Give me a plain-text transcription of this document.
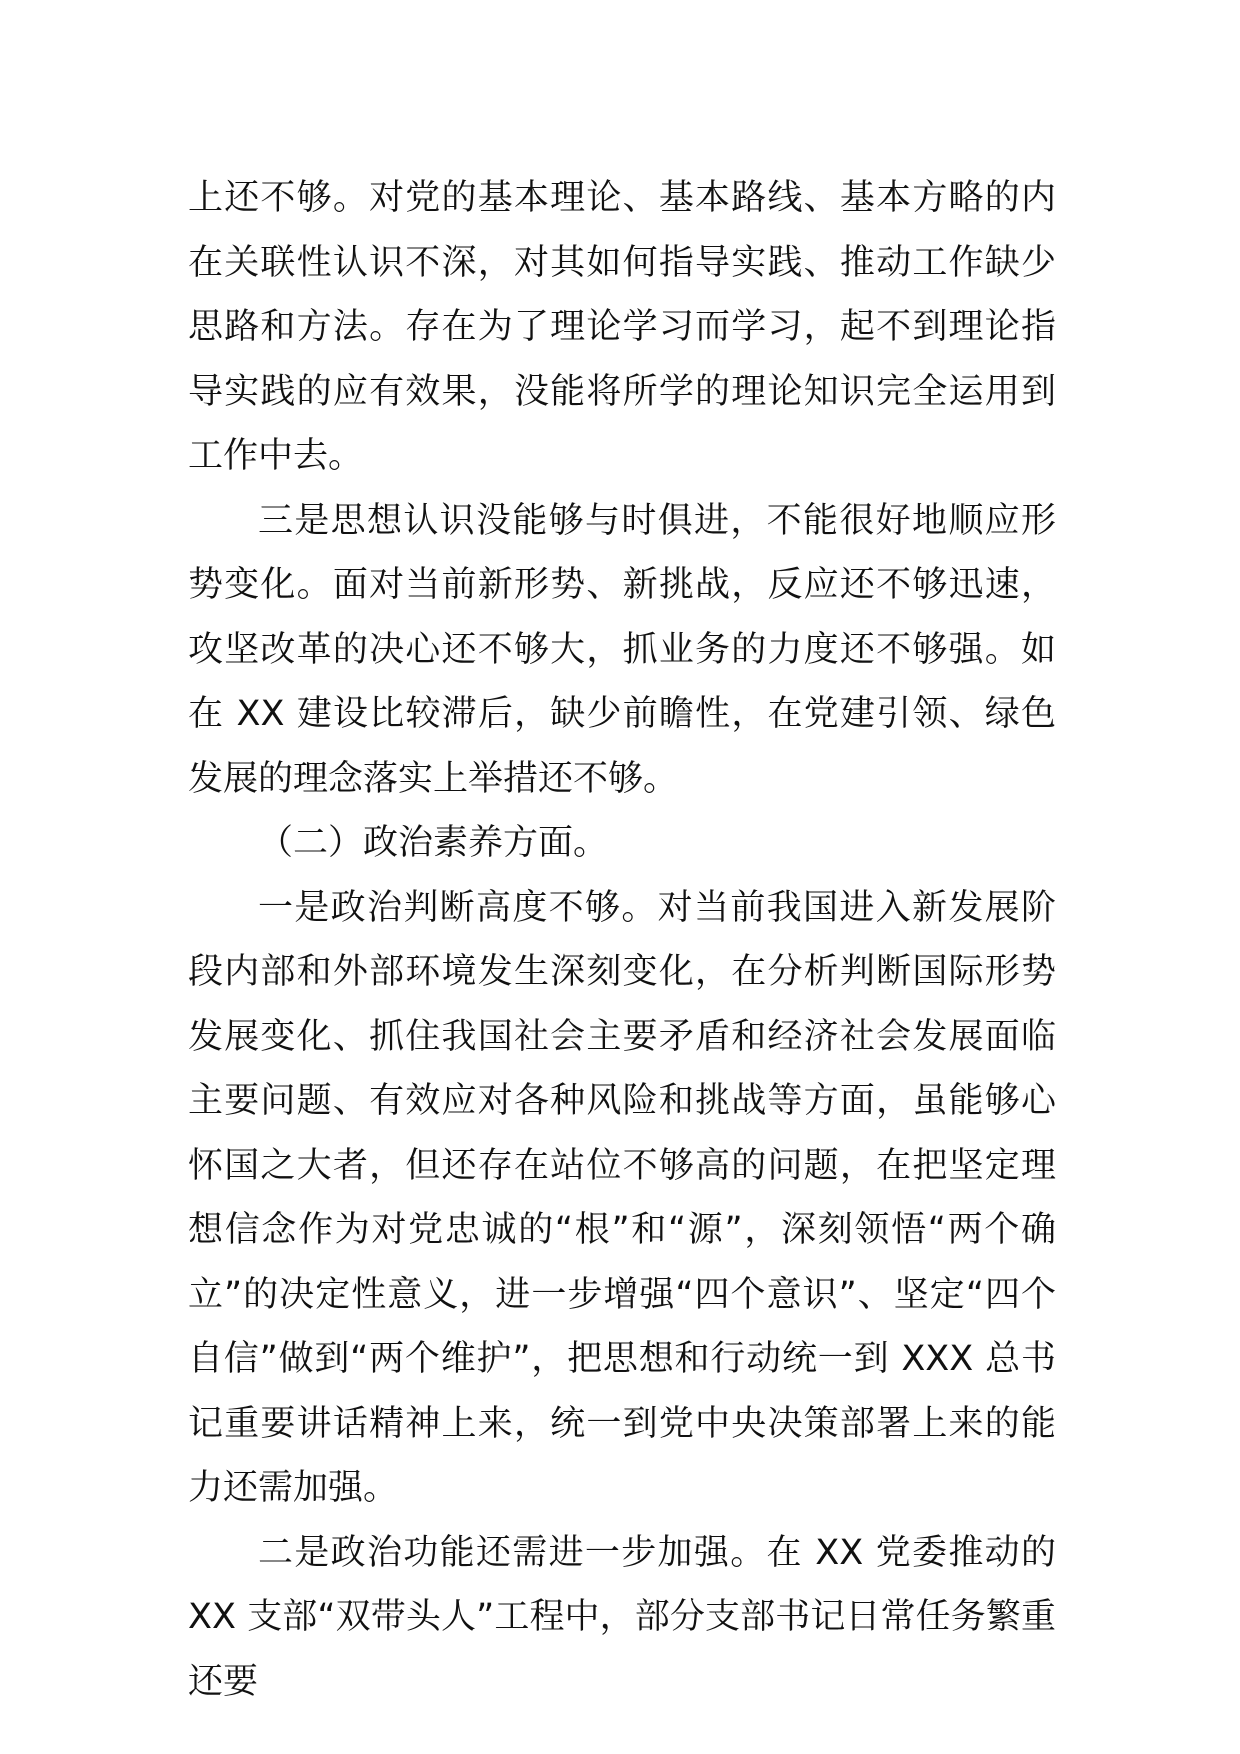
上还不够。对党的基本理论、基本路线、基本方略的内在关联性认识不深，对其如何指导实践、推动工作缺少思路和方法。存在为了理论学习而学习，起不到理论指导实践的应有效果，没能将所学的理论知识完全运用到工作中去。

三是思想认识没能够与时俱进，不能很好地顺应形势变化。面对当前新形势、新挑战，反应还不够迅速，攻坚改革的决心还不够大，抓业务的力度还不够强。如在 XX 建设比较滞后，缺少前瞻性，在党建引领、绿色发展的理念落实上举措还不够。

（二）政治素养方面。

一是政治判断高度不够。对当前我国进入新发展阶段内部和外部环境发生深刻变化，在分析判断国际形势发展变化、抓住我国社会主要矛盾和经济社会发展面临主要问题、有效应对各种风险和挑战等方面，虽能够心怀国之大者，但还存在站位不够高的问题，在把坚定理想信念作为对党忠诚的“根”和“源”，深刻领悟“两个确立”的决定性意义，进一步增强“四个意识”、坚定“四个自信”做到“两个维护”，把思想和行动统一到 XXX 总书记重要讲话精神上来，统一到党中央决策部署上来的能力还需加强。

二是政治功能还需进一步加强。在 XX 党委推动的 XX 支部“双带头人”工程中，部分支部书记日常任务繁重还要
